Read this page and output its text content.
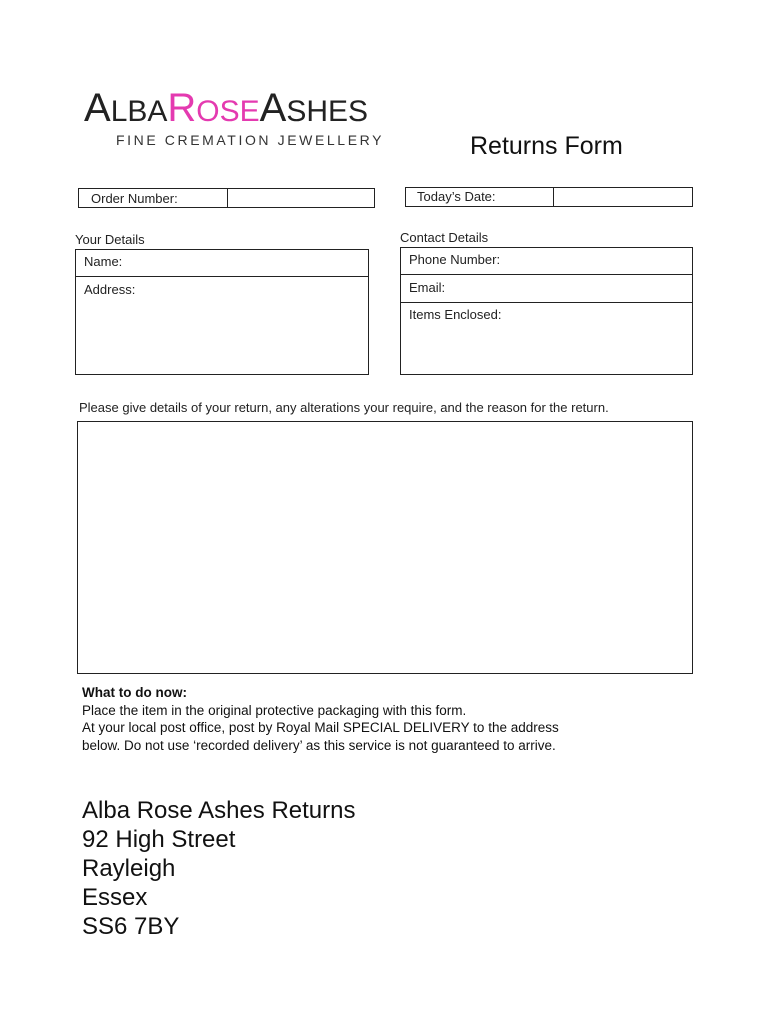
ALBAROSEASHES
FINE CREMATION JEWELLERY	Returns Form
Order Number:	Today’s Date:
Your Details
Name:
Address:
Contact Details
Phone Number:
Email:
Items Enclosed:
Please give details of your return, any alterations your require, and the reason for the return.
What to do now:
Place the item in the original protective packaging with this form.
At your local post office, post by Royal Mail SPECIAL DELIVERY to the address
below. Do not use ‘recorded delivery’ as this service is not guaranteed to arrive.
Alba Rose Ashes Returns
92 High Street
Rayleigh
Essex
SS6 7BY
